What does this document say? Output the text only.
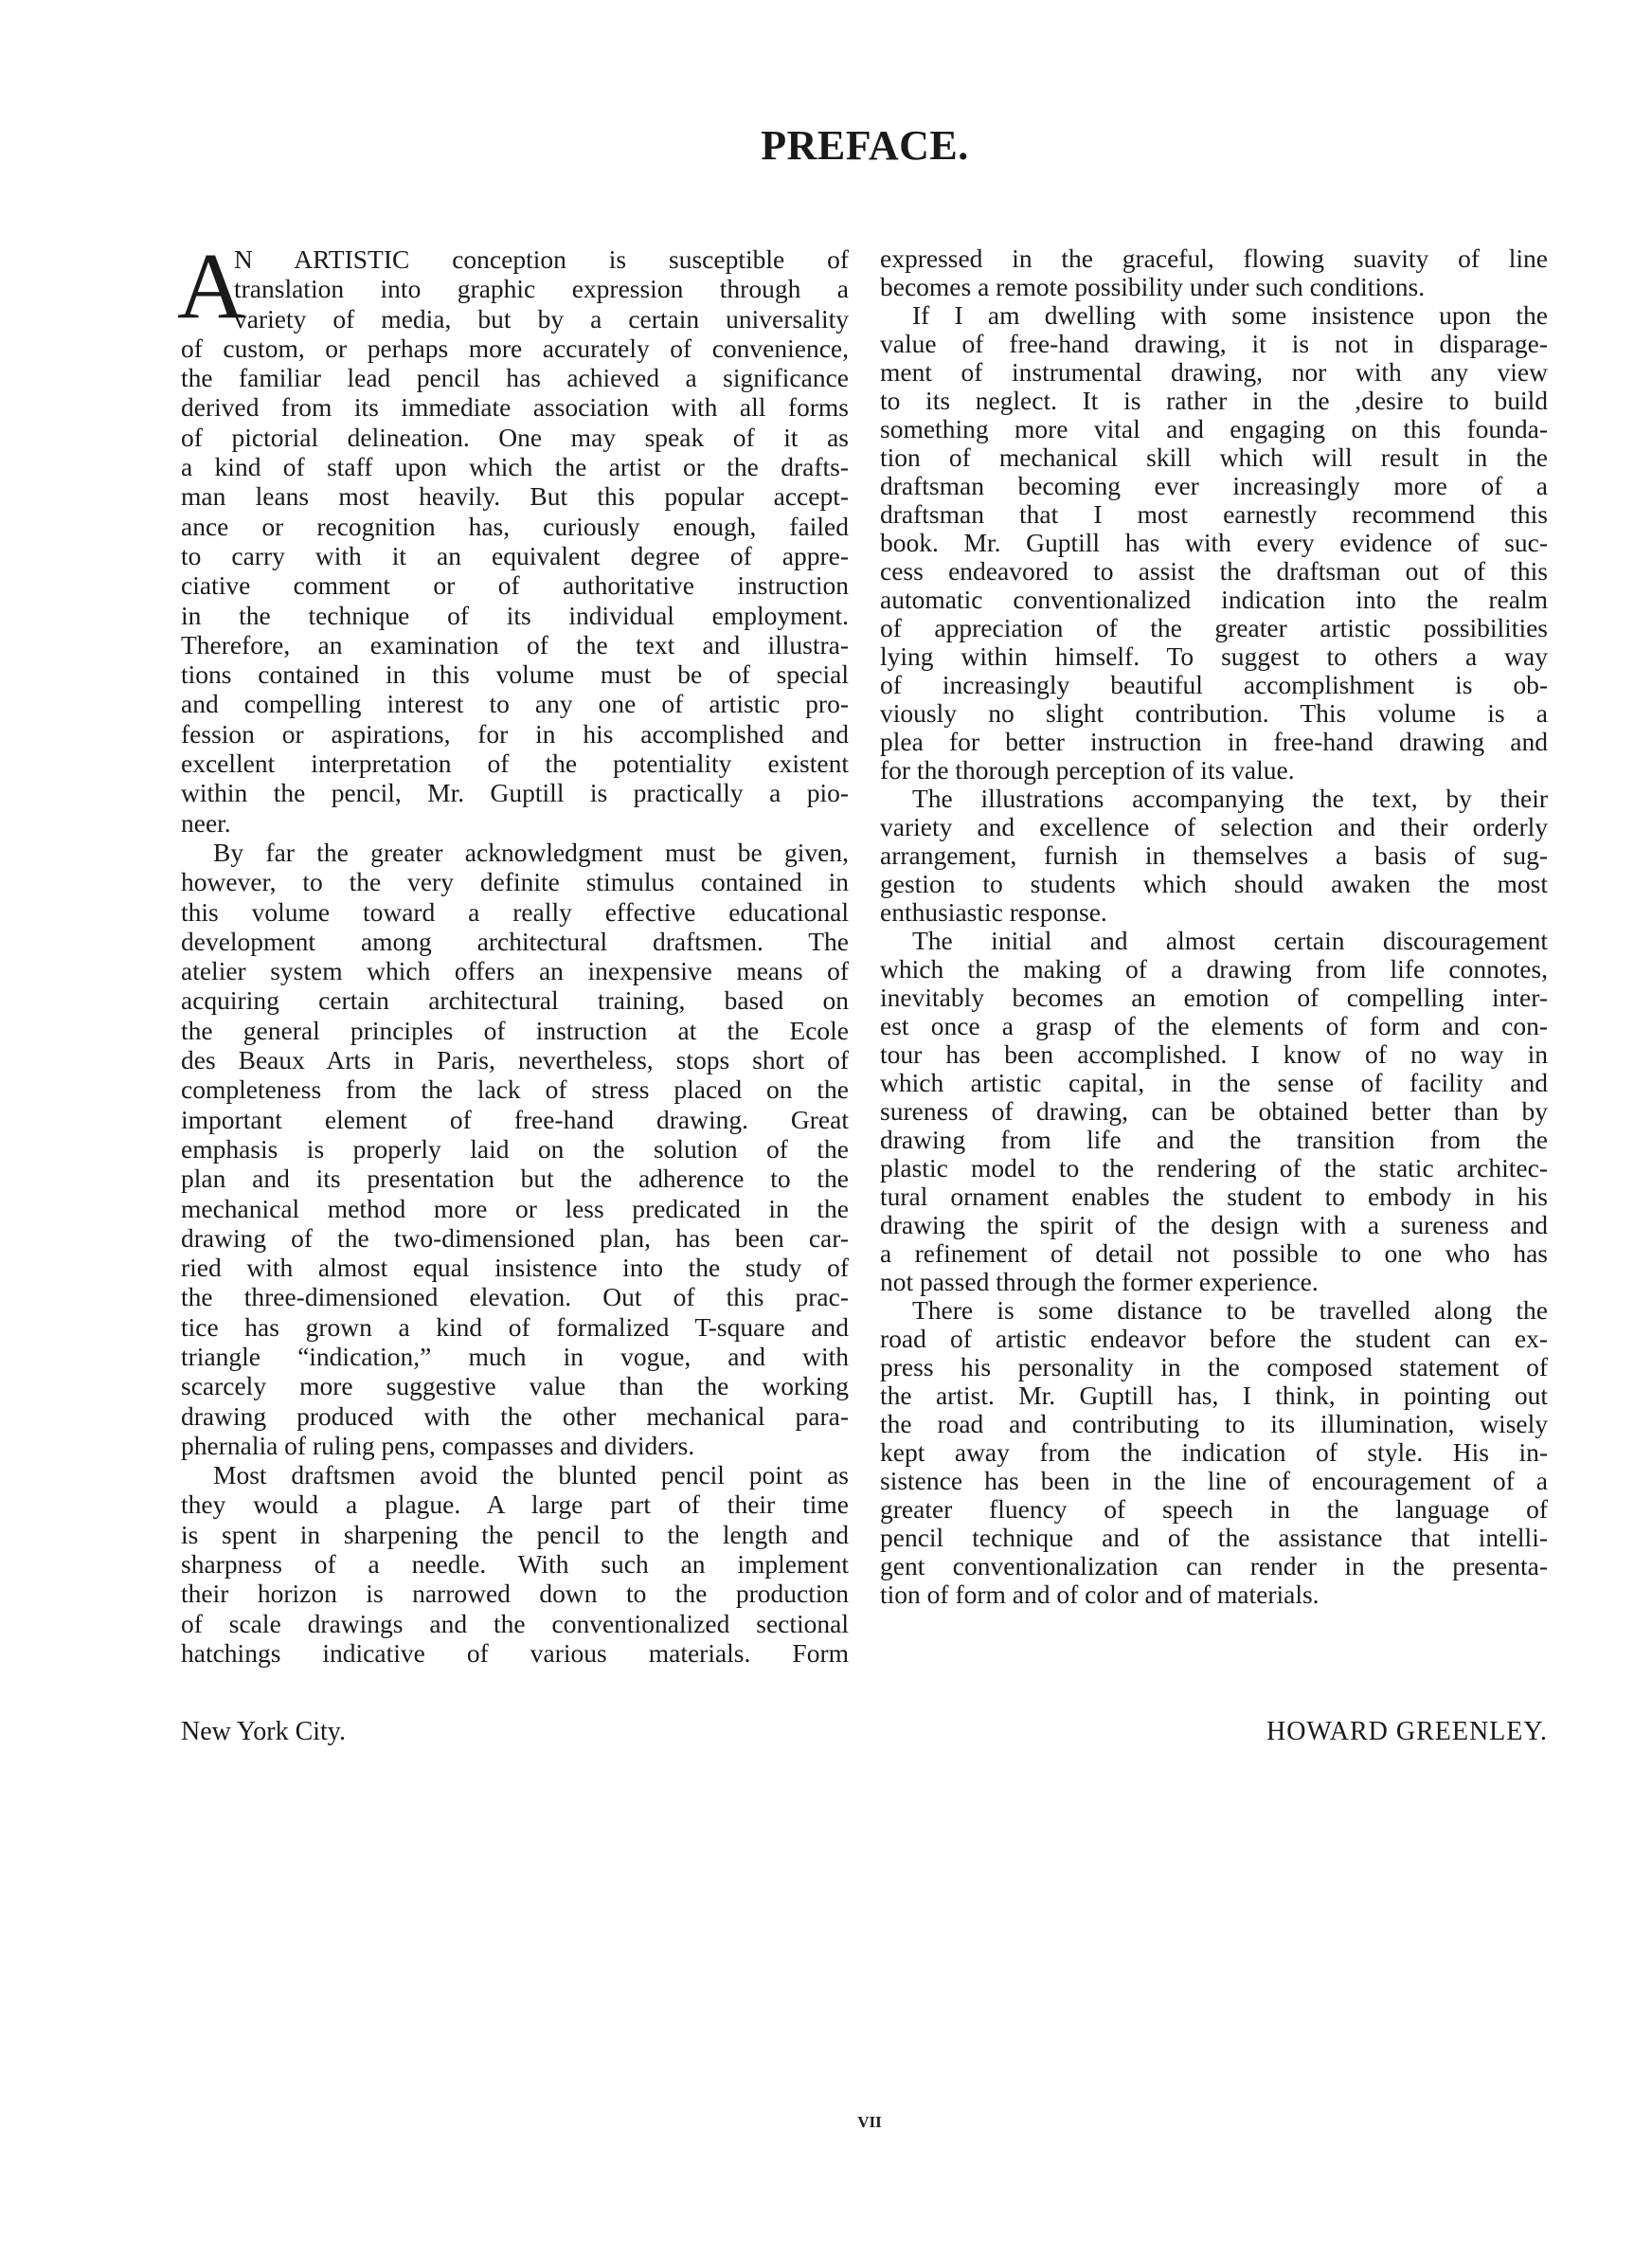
PREFACE.
A
N ARTISTIC conception is susceptible of
translation into graphic expression through a
variety of media, but by a certain universality
of custom, or perhaps more accurately of convenience,
the familiar lead pencil has achieved a significance
derived from its immediate association with all forms
of pictorial delineation. One may speak of it as
a kind of staff upon which the artist or the drafts-
man leans most heavily. But this popular accept-
ance or recognition has, curiously enough, failed
to carry with it an equivalent degree of appre-
ciative comment or of authoritative instruction
in the technique of its individual employment.
Therefore, an examination of the text and illustra-
tions contained in this volume must be of special
and compelling interest to any one of artistic pro-
fession or aspirations, for in his accomplished and
excellent interpretation of the potentiality existent
within the pencil, Mr. Guptill is practically a pio-
neer.
By far the greater acknowledgment must be given,
however, to the very definite stimulus contained in
this volume toward a really effective educational
development among architectural draftsmen. The
atelier system which offers an inexpensive means of
acquiring certain architectural training, based on
the general principles of instruction at the Ecole
des Beaux Arts in Paris, nevertheless, stops short of
completeness from the lack of stress placed on the
important element of free-hand drawing. Great
emphasis is properly laid on the solution of the
plan and its presentation but the adherence to the
mechanical method more or less predicated in the
drawing of the two-dimensioned plan, has been car-
ried with almost equal insistence into the study of
the three-dimensioned elevation. Out of this prac-
tice has grown a kind of formalized T-square and
triangle “indication,” much in vogue, and with
scarcely more suggestive value than the working
drawing produced with the other mechanical para-
phernalia of ruling pens, compasses and dividers.
Most draftsmen avoid the blunted pencil point as
they would a plague. A large part of their time
is spent in sharpening the pencil to the length and
sharpness of a needle. With such an implement
their horizon is narrowed down to the production
of scale drawings and the conventionalized sectional
hatchings indicative of various materials. Form
expressed in the graceful, flowing suavity of line
becomes a remote possibility under such conditions.
If I am dwelling with some insistence upon the
value of free-hand drawing, it is not in disparage-
ment of instrumental drawing, nor with any view
to its neglect. It is rather in the ,desire to build
something more vital and engaging on this founda-
tion of mechanical skill which will result in the
draftsman becoming ever increasingly more of a
draftsman that I most earnestly recommend this
book. Mr. Guptill has with every evidence of suc-
cess endeavored to assist the draftsman out of this
automatic conventionalized indication into the realm
of appreciation of the greater artistic possibilities
lying within himself. To suggest to others a way
of increasingly beautiful accomplishment is ob-
viously no slight contribution. This volume is a
plea for better instruction in free-hand drawing and
for the thorough perception of its value.
The illustrations accompanying the text, by their
variety and excellence of selection and their orderly
arrangement, furnish in themselves a basis of sug-
gestion to students which should awaken the most
enthusiastic response.
The initial and almost certain discouragement
which the making of a drawing from life connotes,
inevitably becomes an emotion of compelling inter-
est once a grasp of the elements of form and con-
tour has been accomplished. I know of no way in
which artistic capital, in the sense of facility and
sureness of drawing, can be obtained better than by
drawing from life and the transition from the
plastic model to the rendering of the static architec-
tural ornament enables the student to embody in his
drawing the spirit of the design with a sureness and
a refinement of detail not possible to one who has
not passed through the former experience.
There is some distance to be travelled along the
road of artistic endeavor before the student can ex-
press his personality in the composed statement of
the artist. Mr. Guptill has, I think, in pointing out
the road and contributing to its illumination, wisely
kept away from the indication of style. His in-
sistence has been in the line of encouragement of a
greater fluency of speech in the language of
pencil technique and of the assistance that intelli-
gent conventionalization can render in the presenta-
tion of form and of color and of materials.
New York City.	HOWARD GREENLEY.
VII
